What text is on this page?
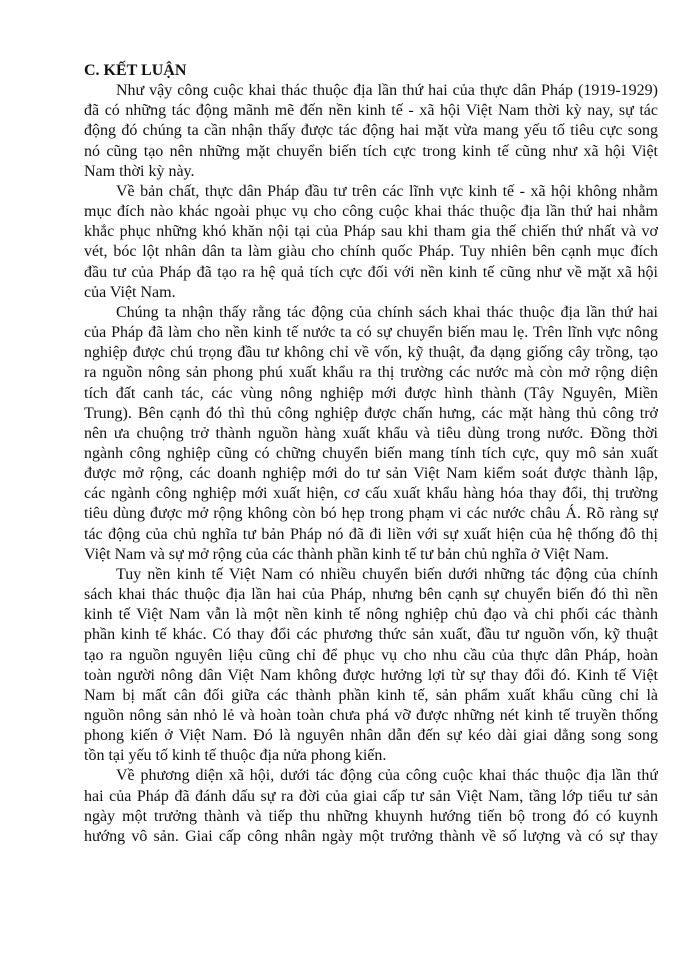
C. KẾT LUẬN
Như vậy công cuộc khai thác thuộc địa lần thứ hai của thực dân Pháp (1919-1929)
đã có những tác động mãnh mẽ đến nền kinh tế - xã hội Việt Nam thời kỳ nay, sự tác
động đó chúng ta cần nhận thấy được tác động hai mặt vừa mang yếu tố tiêu cực song
nó cũng tạo nên những mặt chuyển biến tích cực trong kinh tế cũng như xã hội Việt
Nam thời kỳ này.
Về bản chất, thực dân Pháp đầu tư trên các lĩnh vực kinh tế - xã hội không nhằm
mục đích nào khác ngoài phục vụ cho công cuộc khai thác thuộc địa lần thứ hai nhằm
khắc phục những khó khăn nội tại của Pháp sau khi tham gia thế chiến thứ nhất và vơ
vét, bóc lột nhân dân ta làm giàu cho chính quốc Pháp. Tuy nhiên bên cạnh mục đích
đầu tư của Pháp đã tạo ra hệ quả tích cực đối với nền kinh tế cũng như về mặt xã hội
của Việt Nam.
Chúng ta nhận thấy rằng tác động của chính sách khai thác thuộc địa lần thứ hai
của Pháp đã làm cho nền kinh tế nước ta có sự chuyển biến mau lẹ. Trên lĩnh vực nông
nghiệp được chú trọng đầu tư không chỉ về vốn, kỹ thuật, đa dạng giống cây trồng, tạo
ra nguồn nông sản phong phú xuất khẩu ra thị trường các nước mà còn mở rộng diện
tích đất canh tác, các vùng nông nghiệp mới được hình thành (Tây Nguyên, Miền
Trung). Bên cạnh đó thì thủ công nghiệp được chấn hưng, các mặt hàng thủ công trở
nên ưa chuộng trở thành nguồn hàng xuất khẩu và tiêu dùng trong nước. Đồng thời
ngành công nghiệp cũng có chững chuyển biến mang tính tích cực, quy mô sản xuất
được mở rộng, các doanh nghiệp mới do tư sản Việt Nam kiểm soát được thành lập,
các ngành công nghiệp mới xuất hiện, cơ cấu xuất khẩu hàng hóa thay đổi, thị trường
tiêu dùng được mở rộng không còn bó hẹp trong phạm vi các nước châu Á. Rõ ràng sự
tác động của chủ nghĩa tư bản Pháp nó đã đi liền với sự xuất hiện của hệ thống đô thị
Việt Nam và sự mở rộng của các thành phần kinh tế tư bản chủ nghĩa ở Việt Nam.
Tuy nền kinh tế Việt Nam có nhiều chuyển biến dưới những tác động của chính
sách khai thác thuộc địa lần hai của Pháp, nhưng bên cạnh sự chuyển biến đó thì nền
kinh tế Việt Nam vẫn là một nền kinh tế nông nghiệp chủ đạo và chi phối các thành
phần kinh tế khác. Có thay đổi các phương thức sản xuất, đầu tư nguồn vốn, kỹ thuật
tạo ra nguồn nguyên liệu cũng chỉ để phục vụ cho nhu cầu của thực dân Pháp, hoàn
toàn người nông dân Việt Nam không được hưởng lợi từ sự thay đổi đó. Kinh tế Việt
Nam bị mất cân đối giữa các thành phần kinh tế, sản phẩm xuất khẩu cũng chỉ là
nguồn nông sản nhỏ lẻ và hoàn toàn chưa phá vỡ được những nét kinh tế truyền thống
phong kiến ở Việt Nam. Đó là nguyên nhân dẫn đến sự kéo dài giai dẳng song song
tồn tại yếu tố kinh tế thuộc địa nửa phong kiến.
Về phương diện xã hội, dưới tác động của công cuộc khai thác thuộc địa lần thứ
hai của Pháp đã đánh dấu sự ra đời của giai cấp tư sản Việt Nam, tầng lớp tiểu tư sản
ngày một trưởng thành và tiếp thu những khuynh hướng tiến bộ trong đó có kuynh
hướng vô sản. Giai cấp công nhân ngày một trưởng thành về số lượng và có sự thay
